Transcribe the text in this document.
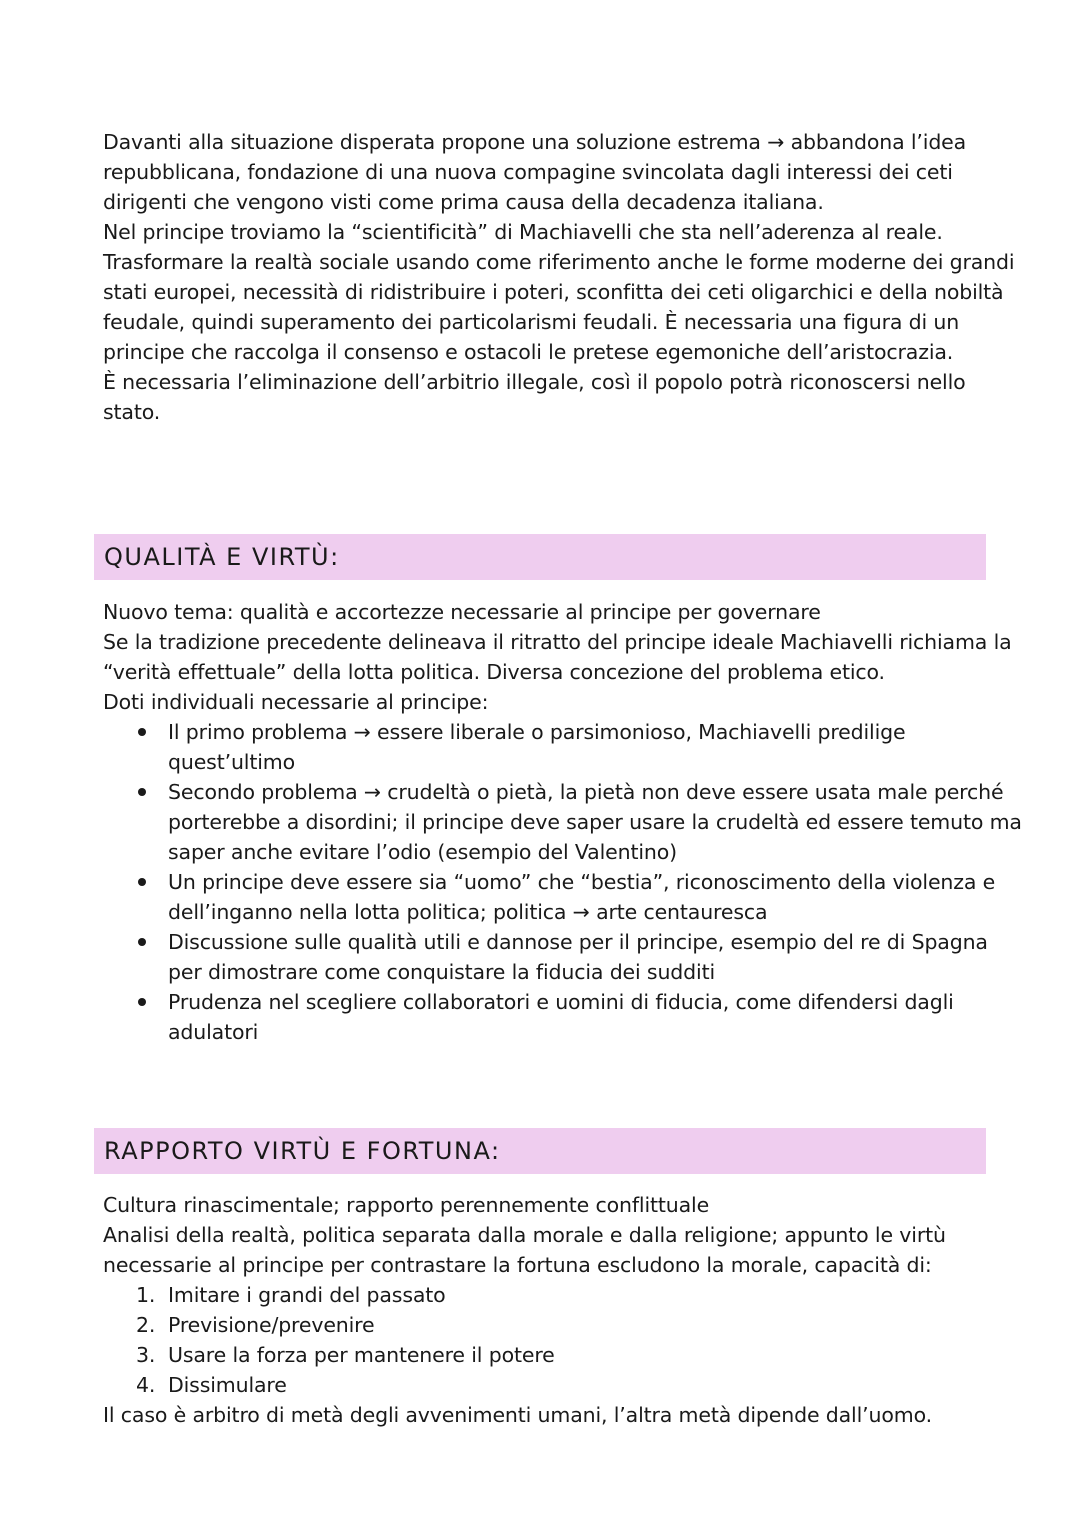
Davanti alla situazione disperata propone una soluzione estrema → abbandona l’idea repubblicana, fondazione di una nuova compagine svincolata dagli interessi dei ceti dirigenti che vengono visti come prima causa della decadenza italiana.

Nel principe troviamo la “scientificità” di Machiavelli che sta nell’aderenza al reale. Trasformare la realtà sociale usando come riferimento anche le forme moderne dei grandi stati europei, necessità di ridistribuire i poteri, sconfitta dei ceti oligarchici e della nobiltà feudale, quindi superamento dei particolarismi feudali. È necessaria una figura di un principe che raccolga il consenso e ostacoli le pretese egemoniche dell’aristocrazia.

È necessaria l’eliminazione dell’arbitrio illegale, così il popolo potrà riconoscersi nello stato.

QUALITÀ E VIRTÙ:

Nuovo tema: qualità e accortezze necessarie al principe per governare

Se la tradizione precedente delineava il ritratto del principe ideale Machiavelli richiama la “verità effettuale” della lotta politica. Diversa concezione del problema etico.

Doti individuali necessarie al principe:

Il primo problema → essere liberale o parsimonioso, Machiavelli predilige quest’ultimo
Secondo problema → crudeltà o pietà, la pietà non deve essere usata male perché porterebbe a disordini; il principe deve saper usare la crudeltà ed essere temuto ma saper anche evitare l’odio (esempio del Valentino)
Un principe deve essere sia “uomo” che “bestia”, riconoscimento della violenza e dell’inganno nella lotta politica; politica → arte centauresca
Discussione sulle qualità utili e dannose per il principe, esempio del re di Spagna per dimostrare come conquistare la fiducia dei sudditi
Prudenza nel scegliere collaboratori e uomini di fiducia, come difendersi dagli adulatori
RAPPORTO VIRTÙ E FORTUNA:

Cultura rinascimentale; rapporto perennemente conflittuale

Analisi della realtà, politica separata dalla morale e dalla religione; appunto le virtù necessarie al principe per contrastare la fortuna escludono la morale, capacità di:

1. Imitare i grandi del passato
2. Previsione/prevenire
3. Usare la forza per mantenere il potere
4. Dissimulare

Il caso è arbitro di metà degli avvenimenti umani, l’altra metà dipende dall’uomo.
